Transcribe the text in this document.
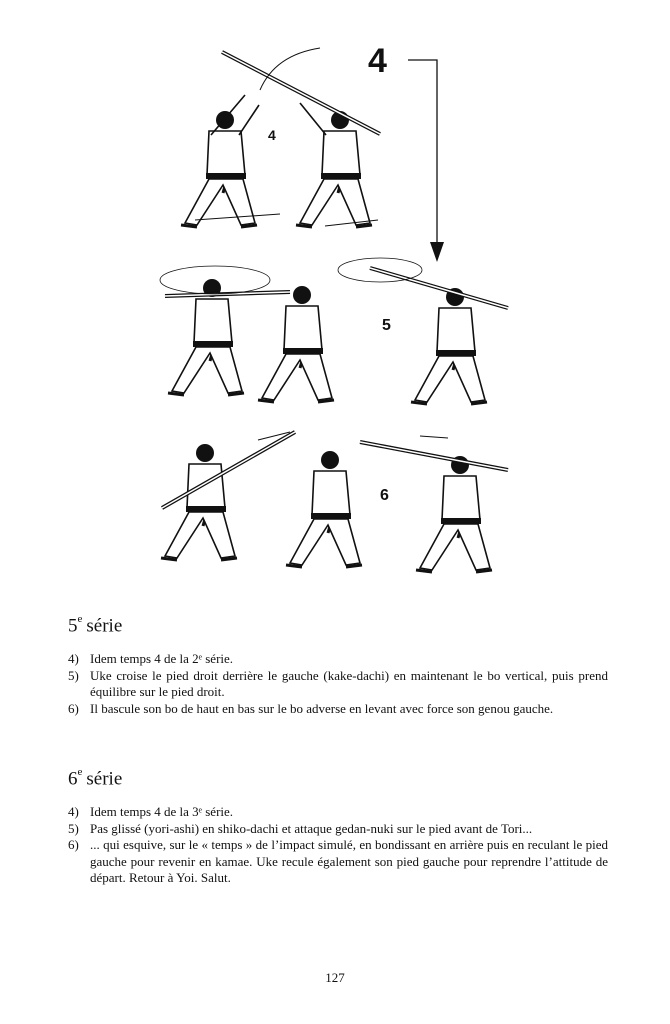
4
4
5
6
5e série
4) Idem temps 4 de la 2ᵉ série.
5) Uke croise le pied droit derrière le gauche (kake-dachi) en maintenant le bo vertical, puis prend équilibre sur le pied droit.
6) Il bascule son bo de haut en bas sur le bo adverse en levant avec force son genou gauche.
6e série
4) Idem temps 4 de la 3ᵉ série.
5) Pas glissé (yori-ashi) en shiko-dachi et attaque gedan-nuki sur le pied avant de Tori...
6) ... qui esquive, sur le « temps » de l’impact simulé, en bondissant en arrière puis en reculant le pied gauche pour revenir en kamae. Uke recule également son pied gauche pour reprendre l’attitude de départ. Retour à Yoi. Salut.
127
